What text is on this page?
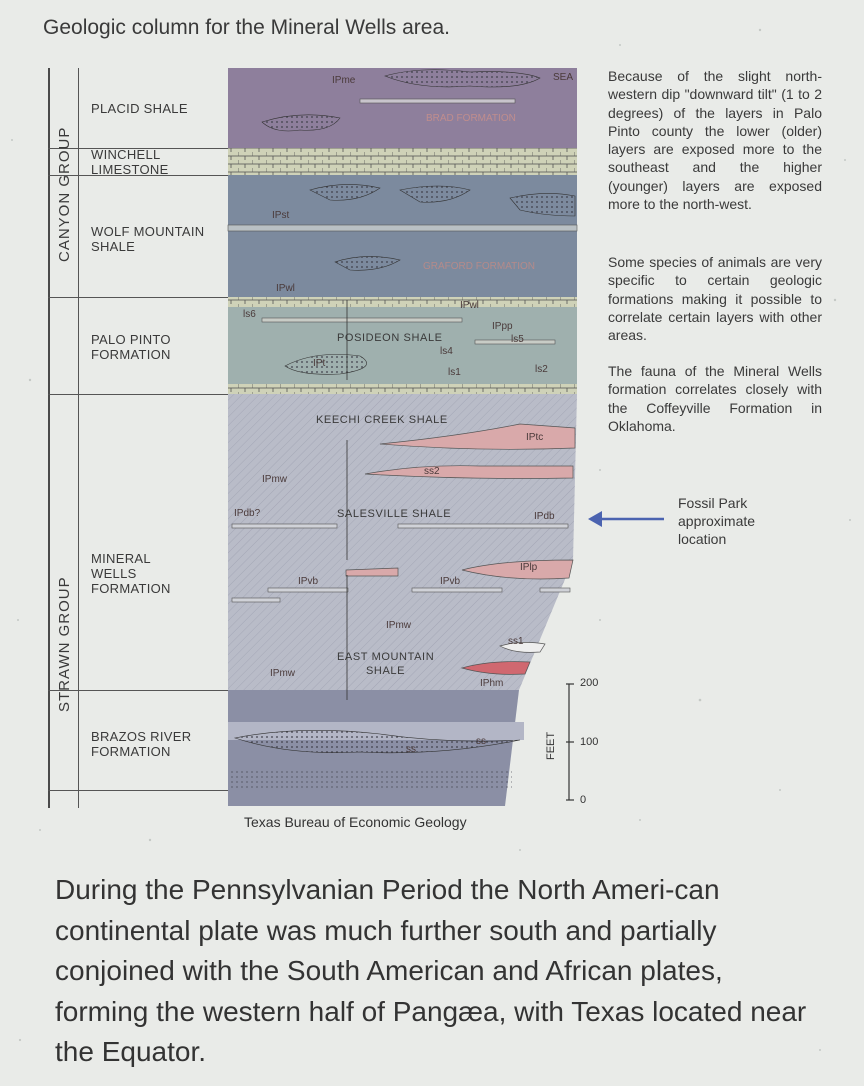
Geologic column for the Mineral Wells area.
CANYON GROUP
STRAWN GROUP
PLACID SHALE
WINCHELL
LIMESTONE
WOLF MOUNTAIN
SHALE
PALO PINTO
FORMATION
MINERAL
WELLS
FORMATION
BRAZOS RIVER
FORMATION
IPme	SEA
BRAD FORMATION
IPst
GRAFORD FORMATION
IPwl
IPwl
ls6
IPpp
ls5
POSIDEON SHALE
ls4
IPt
ls1	ls2
KEECHI CREEK SHALE
IPtc
ss2
IPmw
IPdb?	SALESVILLE SHALE	IPdb
IPvb	IPvb
IPlp
IPmw
ss1
EAST MOUNTAIN
SHALE
IPmw
IPhm
ss
ss	FEET
200
100
0
Because of the slight north-western dip "downward tilt" (1 to 2 degrees) of the layers in Palo Pinto county the lower (older) layers are exposed more to the southeast and the higher (younger) layers are exposed more to the north-west.
Some species of animals are very specific to certain geologic formations making it possible to correlate certain layers with other areas.
The fauna of the Mineral Wells formation correlates closely with the Coffeyville Formation in Oklahoma.
Fossil Park
approximate
location
Texas Bureau of Economic Geology
During the Pennsylvanian Period the North Ameri-can continental plate was much further south and partially conjoined with the South American and African plates, forming the western half of Pangæa, with Texas located near the Equator.
